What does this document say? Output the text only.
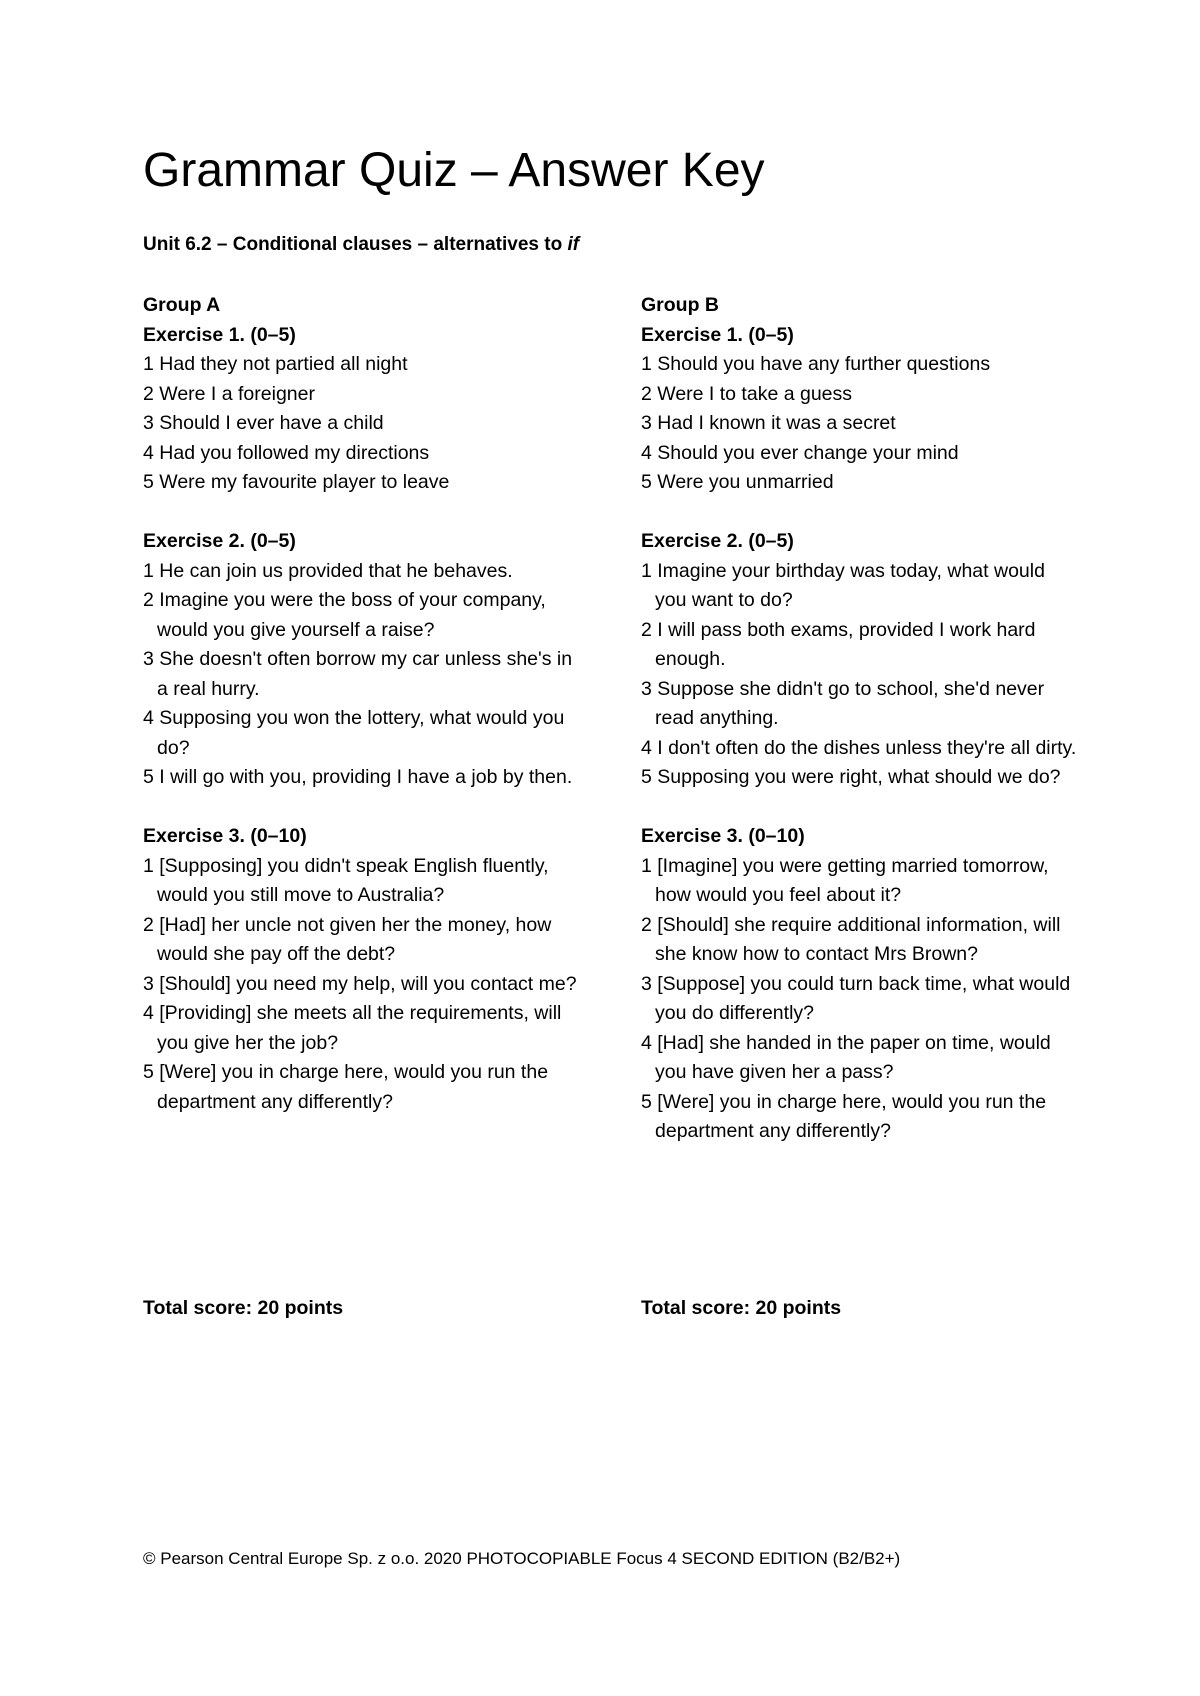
Grammar Quiz – Answer Key

Unit 6.2 – Conditional clauses – alternatives to if

Group A

Exercise 1. (0–5)

1 Had they not partied all night
2 Were I a foreigner
3 Should I ever have a child
4 Had you followed my directions
5 Were my favourite player to leave

Exercise 2. (0–5)

1 He can join us provided that he behaves.
2 Imagine you were the boss of your company, would you give yourself a raise?
3 She doesn't often borrow my car unless she's in a real hurry.
4 Supposing you won the lottery, what would you do?
5 I will go with you, providing I have a job by then.

Exercise 3. (0–10)

1 [Supposing] you didn't speak English fluently, would you still move to Australia?
2 [Had] her uncle not given her the money, how would she pay off the debt?
3 [Should] you need my help, will you contact me?
4 [Providing] she meets all the requirements, will you give her the job?
5 [Were] you in charge here, would you run the department any differently?

Group B

Exercise 1. (0–5)

1 Should you have any further questions
2 Were I to take a guess
3 Had I known it was a secret
4 Should you ever change your mind
5 Were you unmarried

Exercise 2. (0–5)

1 Imagine your birthday was today, what would you want to do?
2 I will pass both exams, provided I work hard enough.
3 Suppose she didn't go to school, she'd never read anything.
4 I don't often do the dishes unless they're all dirty.
5 Supposing you were right, what should we do?

Exercise 3. (0–10)

1 [Imagine] you were getting married tomorrow, how would you feel about it?
2 [Should] she require additional information, will she know how to contact Mrs Brown?
3 [Suppose] you could turn back time, what would you do differently?
4 [Had] she handed in the paper on time, would you have given her a pass?
5 [Were] you in charge here, would you run the department any differently?

Total score: 20 points	Total score: 20 points

© Pearson Central Europe Sp. z o.o. 2020 PHOTOCOPIABLE Focus 4 SECOND EDITION (B2/B2+)
